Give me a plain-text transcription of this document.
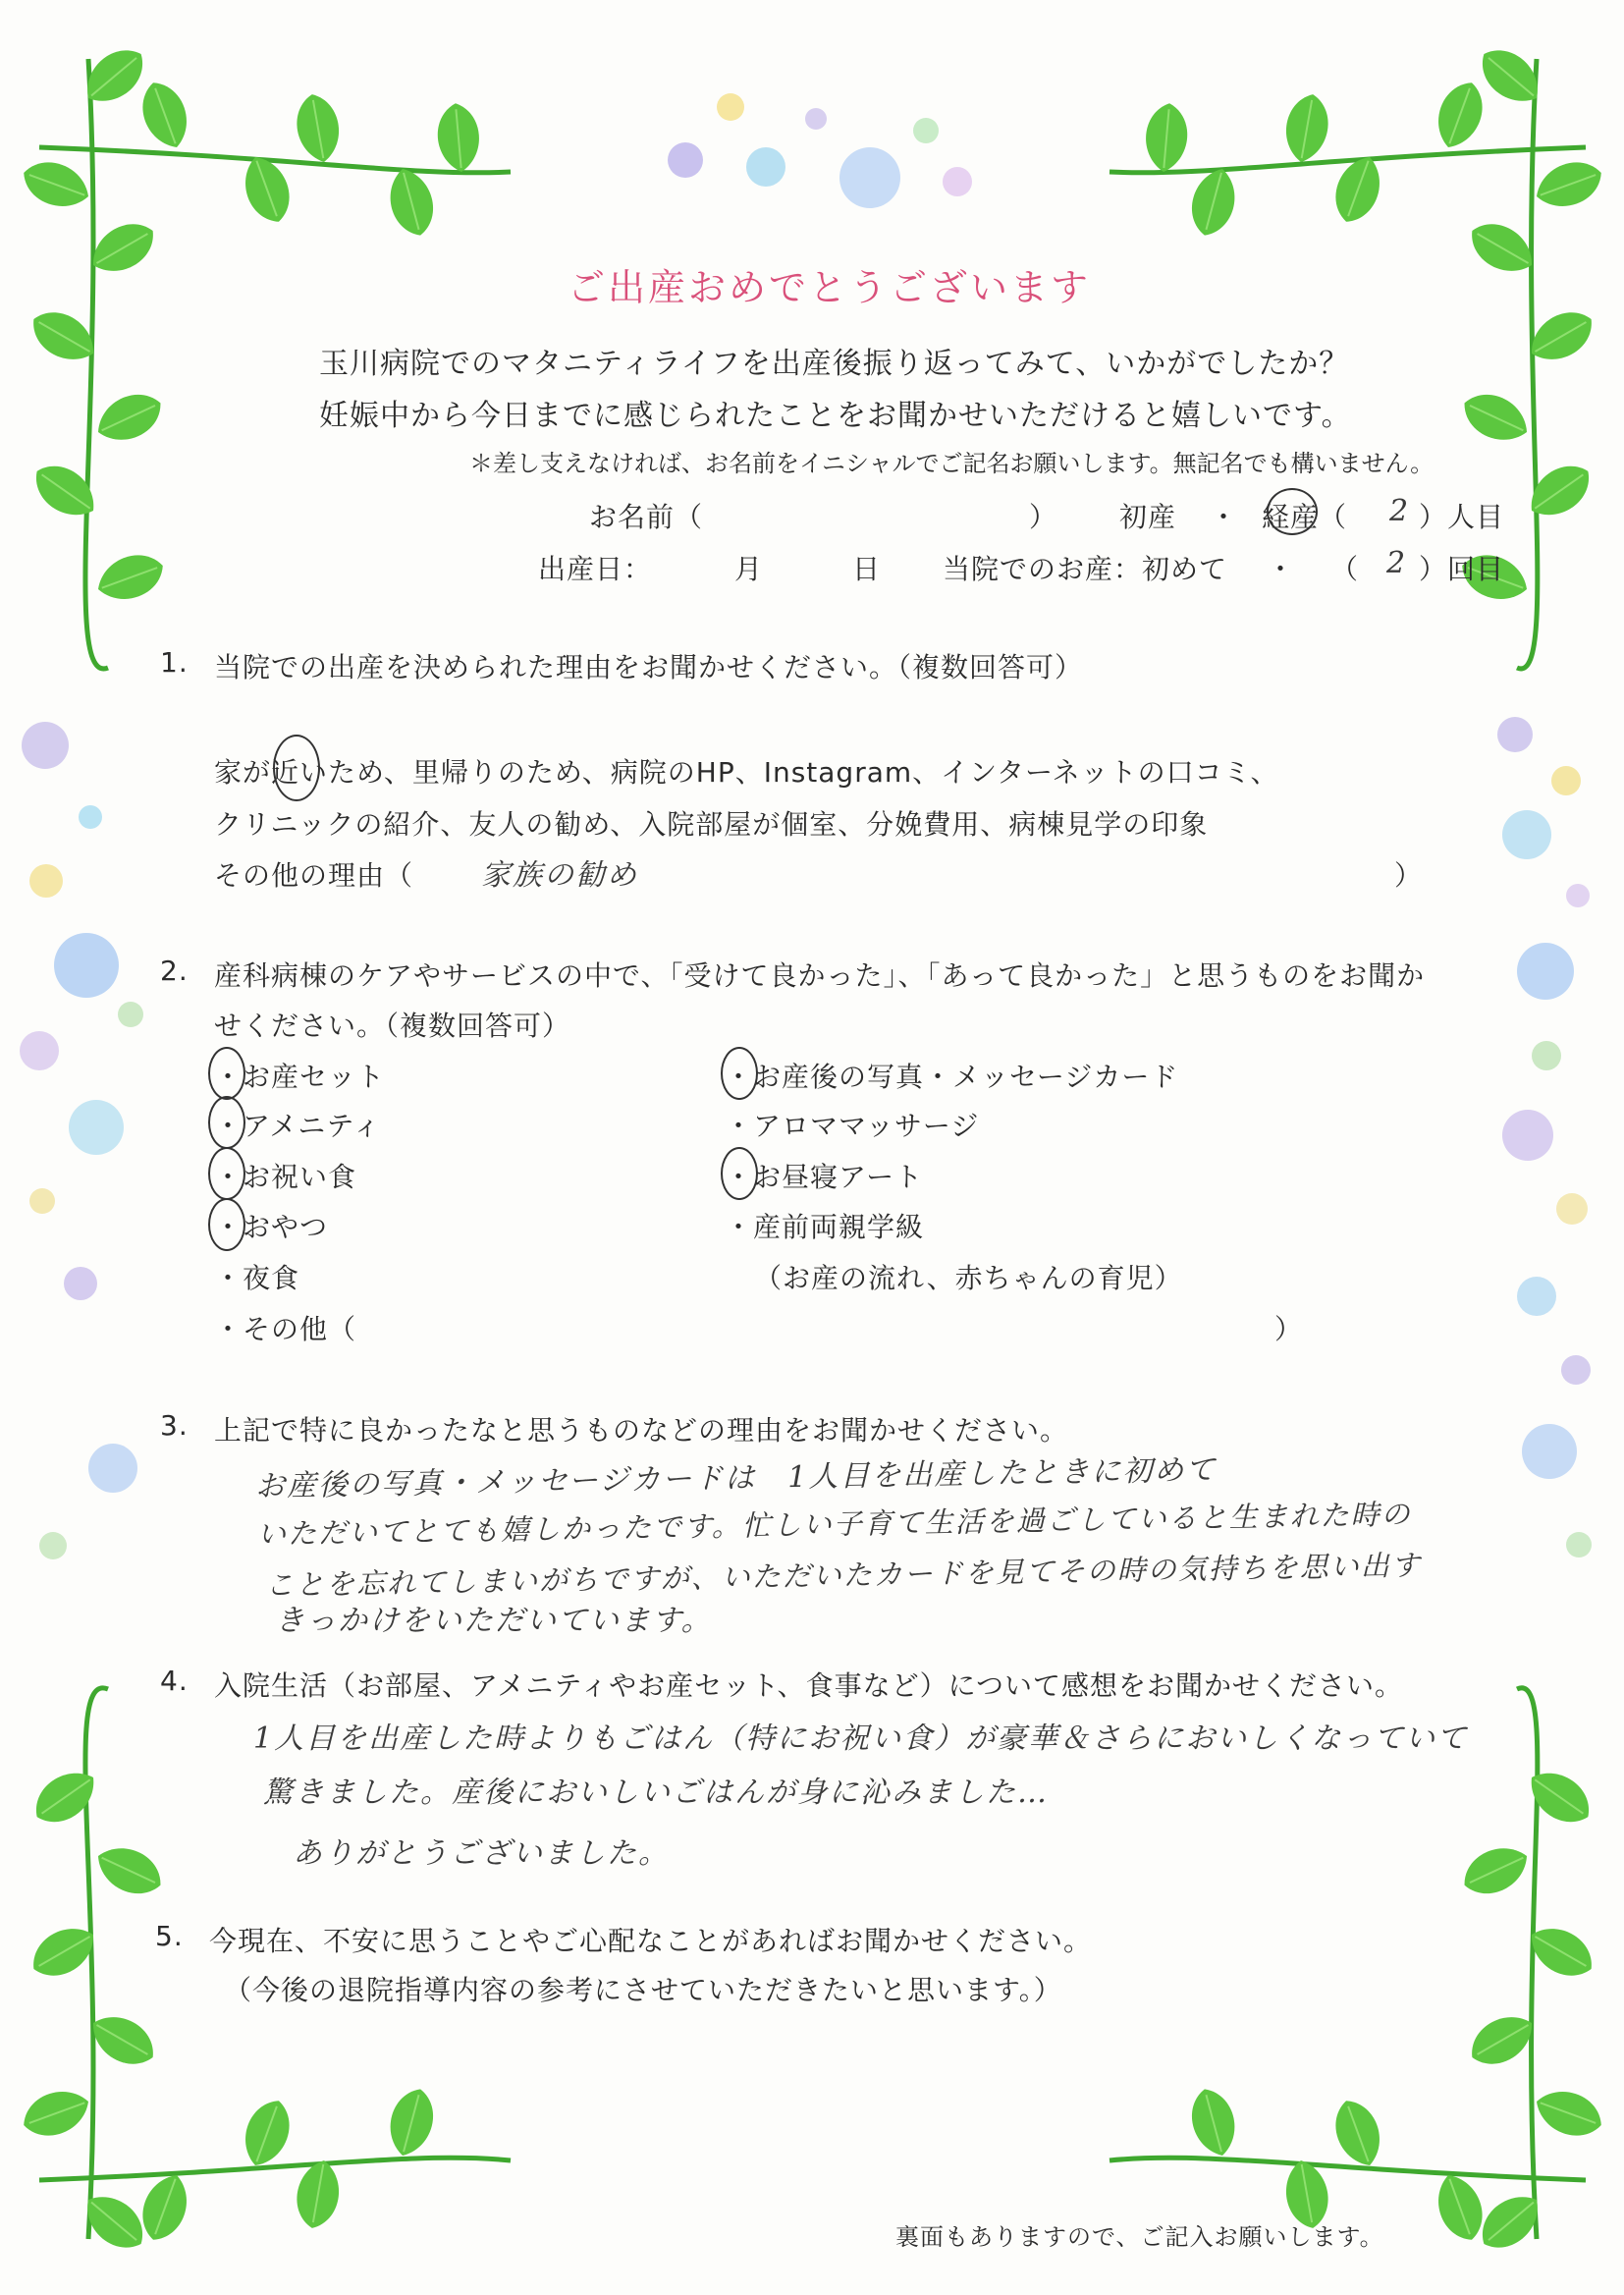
ご出産おめでとうございます
玉川病院でのマタニティライフを出産後振り返ってみて、いかがでしたか？
妊娠中から今日までに感じられたことをお聞かせいただけると嬉しいです。
＊差し支えなければ、お名前をイニシャルでご記名お願いします。無記名でも構いません。
お名前（	） 初産 ・ 経産（ 2 ）人目
出産日：	月	日 当院でのお産：初めて ・ （ 2 ）回目
1. 当院での出産を決められた理由をお聞かせください。（複数回答可）
家が近いため、里帰りのため、病院のHP、Instagram、インターネットの口コミ、
クリニックの紹介、友人の勧め、入院部屋が個室、分娩費用、病棟見学の印象
その他の理由（ 家族の勧め	）
2. 産科病棟のケアやサービスの中で、「受けて良かった」、「あって良かった」と思うものをお聞か
せください。（複数回答可）
・お産セット
・アメニティ
・お祝い食
・おやつ
・夜食
・その他（	）
・お産後の写真・メッセージカード
・アロママッサージ
・お昼寝アート
・産前両親学級
（お産の流れ、赤ちゃんの育児）
3. 上記で特に良かったなと思うものなどの理由をお聞かせください。
お産後の写真・メッセージカードは　1人目を出産したときに初めて
いただいてとても嬉しかったです。忙しい子育て生活を過ごしていると生まれた時の
ことを忘れてしまいがちですが、いただいたカードを見てその時の気持ちを思い出す
きっかけをいただいています。
4. 入院生活（お部屋、アメニティやお産セット、食事など）について感想をお聞かせください。
1人目を出産した時よりもごはん（特にお祝い食）が豪華＆さらにおいしくなっていて
驚きました。産後においしいごはんが身に沁みました…
ありがとうございました。
5. 今現在、不安に思うことやご心配なことがあればお聞かせください。
（今後の退院指導内容の参考にさせていただきたいと思います。）
裏面もありますので、ご記入お願いします。
